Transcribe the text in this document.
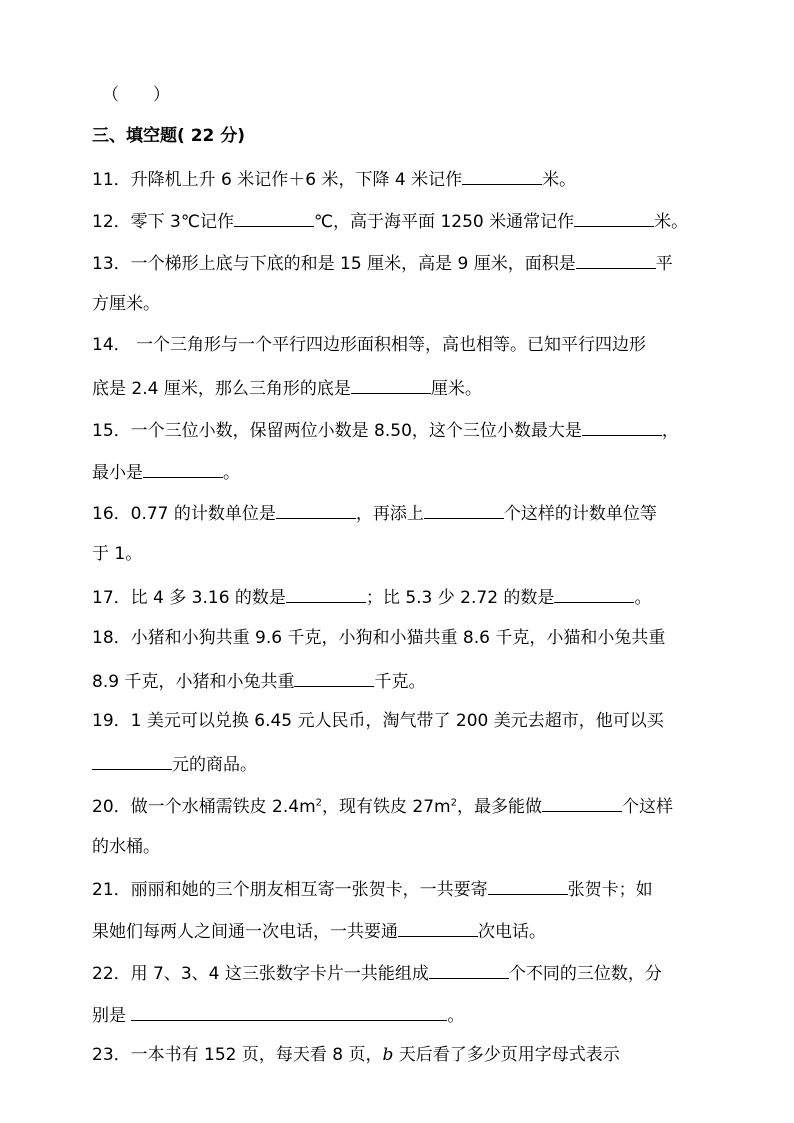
（　　）
三、填空题( 22 分)
11．升降机上升 6 米记作＋6 米，下降 4 米记作	米。
12．零下 3℃记作	℃，高于海平面 1250 米通常记作	米。
13．一个梯形上底与下底的和是 15 厘米，高是 9 厘米，面积是	平
方厘米。
14． 一个三角形与一个平行四边形面积相等，高也相等。已知平行四边形
底是 2.4 厘米，那么三角形的底是	厘米。
15．一个三位小数，保留两位小数是 8.50，这个三位小数最大是	，
最小是	。
16．0.77 的计数单位是	，再添上	个这样的计数单位等
于 1。
17．比 4 多 3.16 的数是	；比 5.3 少 2.72 的数是	。
18．小猪和小狗共重 9.6 千克，小狗和小猫共重 8.6 千克，小猫和小兔共重
8.9 千克，小猪和小兔共重	千克。
19．1 美元可以兑换 6.45 元人民币，淘气带了 200 美元去超市，他可以买
元的商品。
20．做一个水桶需铁皮 $2.4m^2$，现有铁皮 $27m^2$，最多能做	个这样
的水桶。
21．丽丽和她的三个朋友相互寄一张贺卡，一共要寄	张贺卡；如
果她们每两人之间通一次电话，一共要通	次电话。
22．用 7、3、4 这三张数字卡片一共能组成	个不同的三位数，分
别是	。
23．一本书有 152 页，每天看 8 页，b 天后看了多少页用字母式表示
